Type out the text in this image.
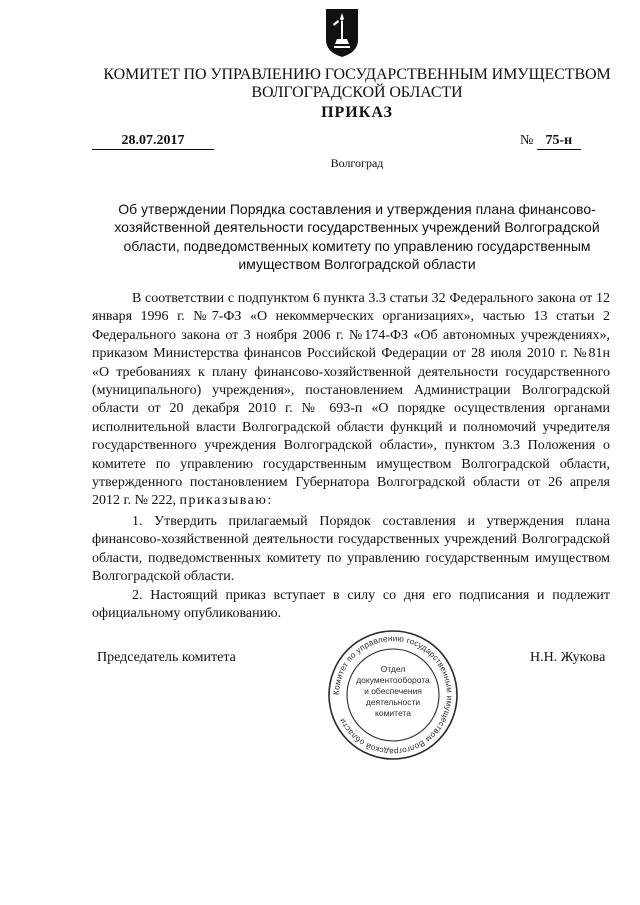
КОМИТЕТ ПО УПРАВЛЕНИЮ ГОСУДАРСТВЕННЫМ ИМУЩЕСТВОМ
ВОЛГОГРАДСКОЙ ОБЛАСТИ
ПРИКАЗ
28.07.2017	№ 75-н
Волгоград
Об утверждении Порядка составления и утверждения плана финансово-хозяйственной деятельности государственных учреждений Волгоградской области, подведомственных комитету по управлению государственным имуществом Волгоградской области
В соответствии с подпунктом 6 пункта 3.3 статьи 32 Федерального закона от 12 января 1996 г. №7-ФЗ «О некоммерческих организациях», частью 13 статьи 2 Федерального закона от 3 ноября 2006 г. №174-ФЗ «Об автономных учреждениях», приказом Министерства финансов Российской Федерации от 28 июля 2010 г. №81н «О требованиях к плану финансово-хозяйственной деятельности государственного (муниципального) учреждения», постановлением Администрации Волгоградской области от 20 декабря 2010 г. № 693-п «О порядке осуществления органами исполнительной власти Волгоградской области функций и полномочий учредителя государственного учреждения Волгоградской области», пунктом 3.3 Положения о комитете по управлению государственным имуществом Волгоградской области, утвержденного постановлением Губернатора Волгоградской области от 26 апреля 2012 г. № 222, приказываю:
1. Утвердить прилагаемый Порядок составления и утверждения плана финансово-хозяйственной деятельности государственных учреждений Волгоградской области, подведомственных комитету по управлению государственным имуществом Волгоградской области.
2. Настоящий приказ вступает в силу со дня его подписания и подлежит официальному опубликованию.
Председатель комитета	Н.Н. Жукова
Комитет по управлению государственным имуществом Волгоградской области
Отдел
документооборота
и обеспечения
деятельности
комитета
